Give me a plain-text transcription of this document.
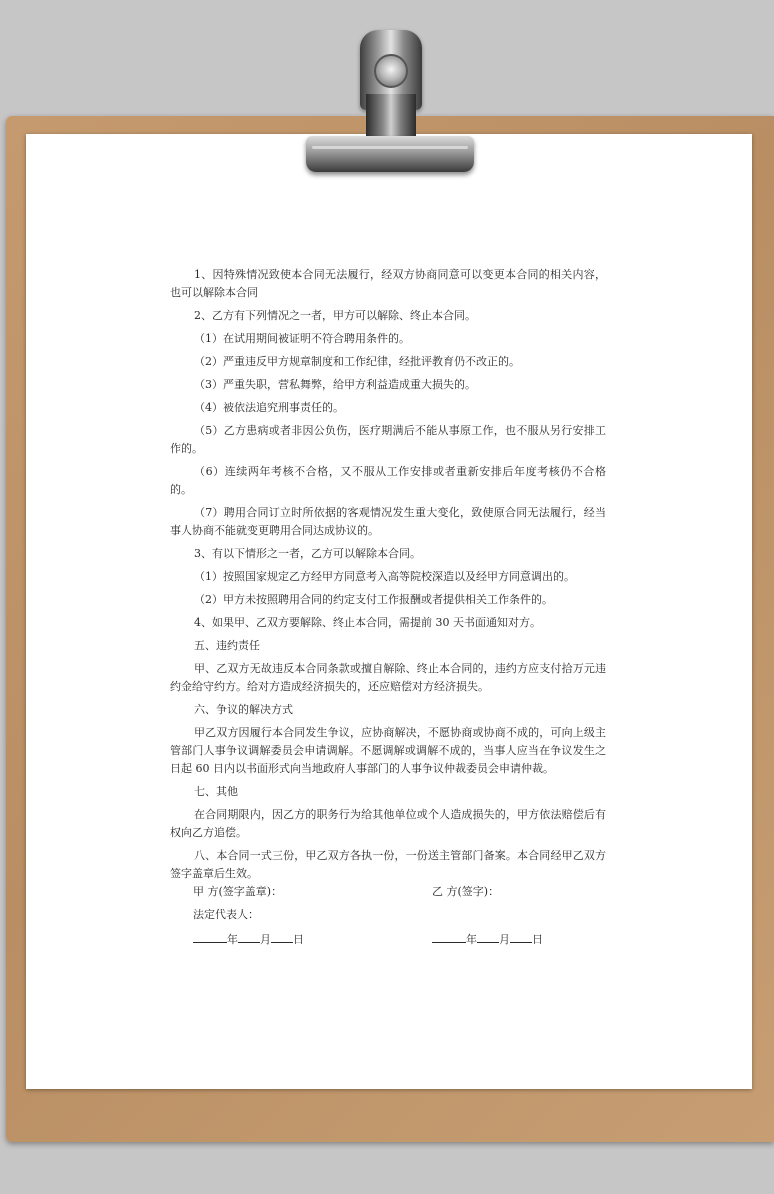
1、因特殊情况致使本合同无法履行，经双方协商同意可以变更本合同的相关内容，也可以解除本合同

2、乙方有下列情况之一者，甲方可以解除、终止本合同。

（1）在试用期间被证明不符合聘用条件的。

（2）严重违反甲方规章制度和工作纪律，经批评教育仍不改正的。

（3）严重失职，营私舞弊，给甲方利益造成重大损失的。

（4）被依法追究刑事责任的。

（5）乙方患病或者非因公负伤，医疗期满后不能从事原工作，也不服从另行安排工作的。

（6）连续两年考核不合格，又不服从工作安排或者重新安排后年度考核仍不合格的。

（7）聘用合同订立时所依据的客观情况发生重大变化，致使原合同无法履行，经当事人协商不能就变更聘用合同达成协议的。

3、有以下情形之一者，乙方可以解除本合同。

（1）按照国家规定乙方经甲方同意考入高等院校深造以及经甲方同意调出的。

（2）甲方未按照聘用合同的约定支付工作报酬或者提供相关工作条件的。

4、如果甲、乙双方要解除、终止本合同，需提前 30 天书面通知对方。

五、违约责任

甲、乙双方无故违反本合同条款或擅自解除、终止本合同的，违约方应支付拾万元违约金给守约方。给对方造成经济损失的，还应赔偿对方经济损失。

六、争议的解决方式

甲乙双方因履行本合同发生争议，应协商解决，不愿协商或协商不成的，可向上级主管部门人事争议调解委员会申请调解。不愿调解或调解不成的，当事人应当在争议发生之日起 60 日内以书面形式向当地政府人事部门的人事争议仲裁委员会申请仲裁。

七、其他

在合同期限内，因乙方的职务行为给其他单位或个人造成损失的，甲方依法赔偿后有权向乙方追偿。

八、本合同一式三份，甲乙双方各执一份，一份送主管部门备案。本合同经甲乙双方签字盖章后生效。

甲 方(签字盖章)：	乙 方(签字)：
法定代表人：
年 月 日	年 月 日
